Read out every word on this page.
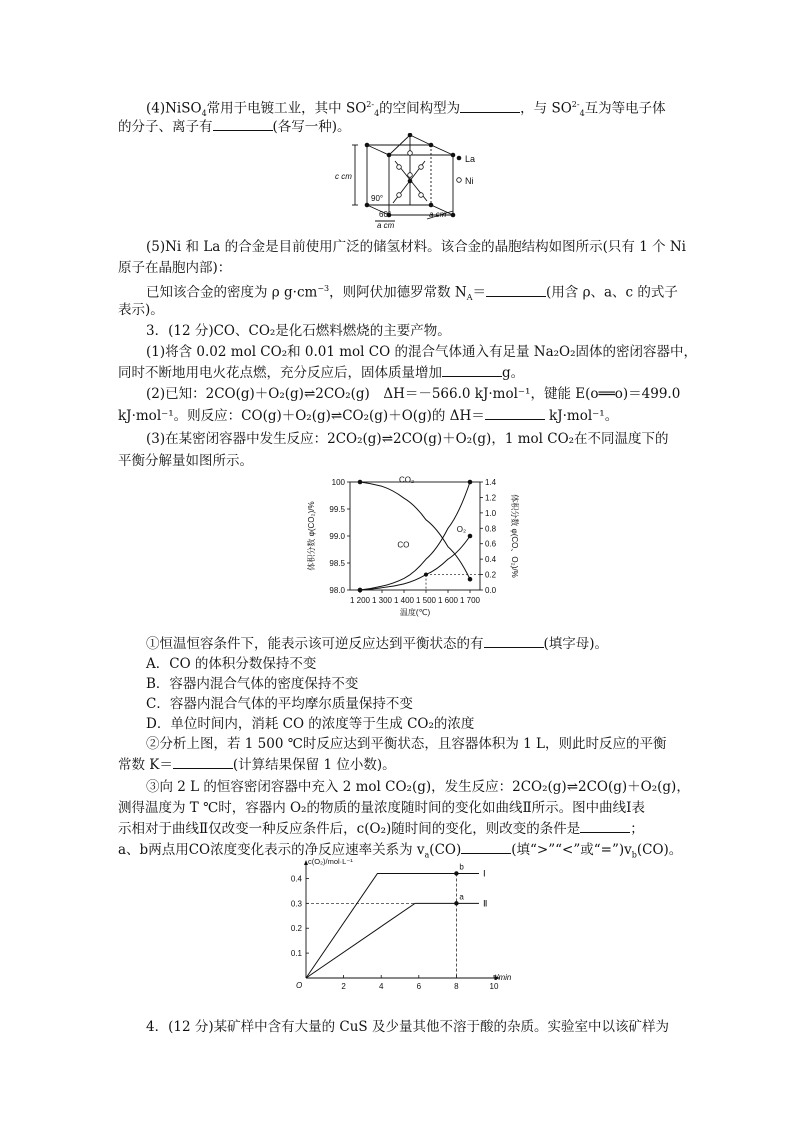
(4)NiSO$_4$常用于电镀工业，其中 $SO^{2-}_4$的空间构型为	，与 $SO^{2-}_4$互为等电子体
的分子、离子有	(各写一种)。
La
Ni
c cm
90°
60°
a cm
a cm
(5)Ni 和 La 的合金是目前使用广泛的储氢材料。该合金的晶胞结构如图所示(只有 1 个 Ni
原子在晶胞内部)：
已知该合金的密度为 ρ $g\cdot cm^{-3}$，则阿伏加德罗常数 $N_A=$	(用含 ρ、a、c 的式子
表示)。
3．(12 分)CO、CO₂是化石燃料燃烧的主要产物。
(1)将含 0.02 mol CO₂和 0.01 mol CO 的混合气体通入有足量 Na₂O₂固体的密闭容器中，
同时不断地用电火花点燃，充分反应后，固体质量增加	g。
(2)已知：2CO(g)＋O₂(g)⇌2CO₂(g)　ΔH＝－566.0 kJ·mol⁻¹，键能 E(o══o)＝499.0
kJ·mol⁻¹。则反应：CO(g)＋O₂(g)⇌CO₂(g)＋O(g)的 ΔH＝	kJ·mol⁻¹。
(3)在某密闭容器中发生反应：2CO₂(g)⇌2CO(g)＋O₂(g)，1 mol CO₂在不同温度下的
平衡分解量如图所示。
1 200 1 300 1 400 1 500 1 600 1 700
98.0
98.5
99.0
99.5
100
0.0
0.2
0.4
0.6
0.8
1.0
1.2
1.4
温度(℃)
体积分数 φ(CO₂)/%	体积分数 φ(CO、O₂)/%
CO₂
CO
O₂
①恒温恒容条件下，能表示该可逆反应达到平衡状态的有	(填字母)。
A．CO 的体积分数保持不变
B．容器内混合气体的密度保持不变
C．容器内混合气体的平均摩尔质量保持不变
D．单位时间内，消耗 CO 的浓度等于生成 CO₂的浓度
②分析上图，若 1 500 ℃时反应达到平衡状态，且容器体积为 1 L，则此时反应的平衡
常数 K＝	(计算结果保留 1 位小数)。
③向 2 L 的恒容密闭容器中充入 2 mol CO₂(g)，发生反应：2CO₂(g)⇌2CO(g)＋O₂(g)，
测得温度为 T ℃时，容器内 O₂的物质的量浓度随时间的变化如曲线Ⅱ所示。图中曲线Ⅰ表
示相对于曲线Ⅱ仅改变一种反应条件后，c(O₂)随时间的变化，则改变的条件是	；
a、b两点用CO浓度变化表示的净反应速率关系为 $v_a(CO)$	(填“>”“<”或“$=”)v_b(CO)$。
O	2	4	6	8	10
0.1
0.2
0.3
0.4
t/min
c(O₂)/mol·L⁻¹
Ⅰ
Ⅱ
a
b
4．(12 分)某矿样中含有大量的 CuS 及少量其他不溶于酸的杂质。实验室中以该矿样为
